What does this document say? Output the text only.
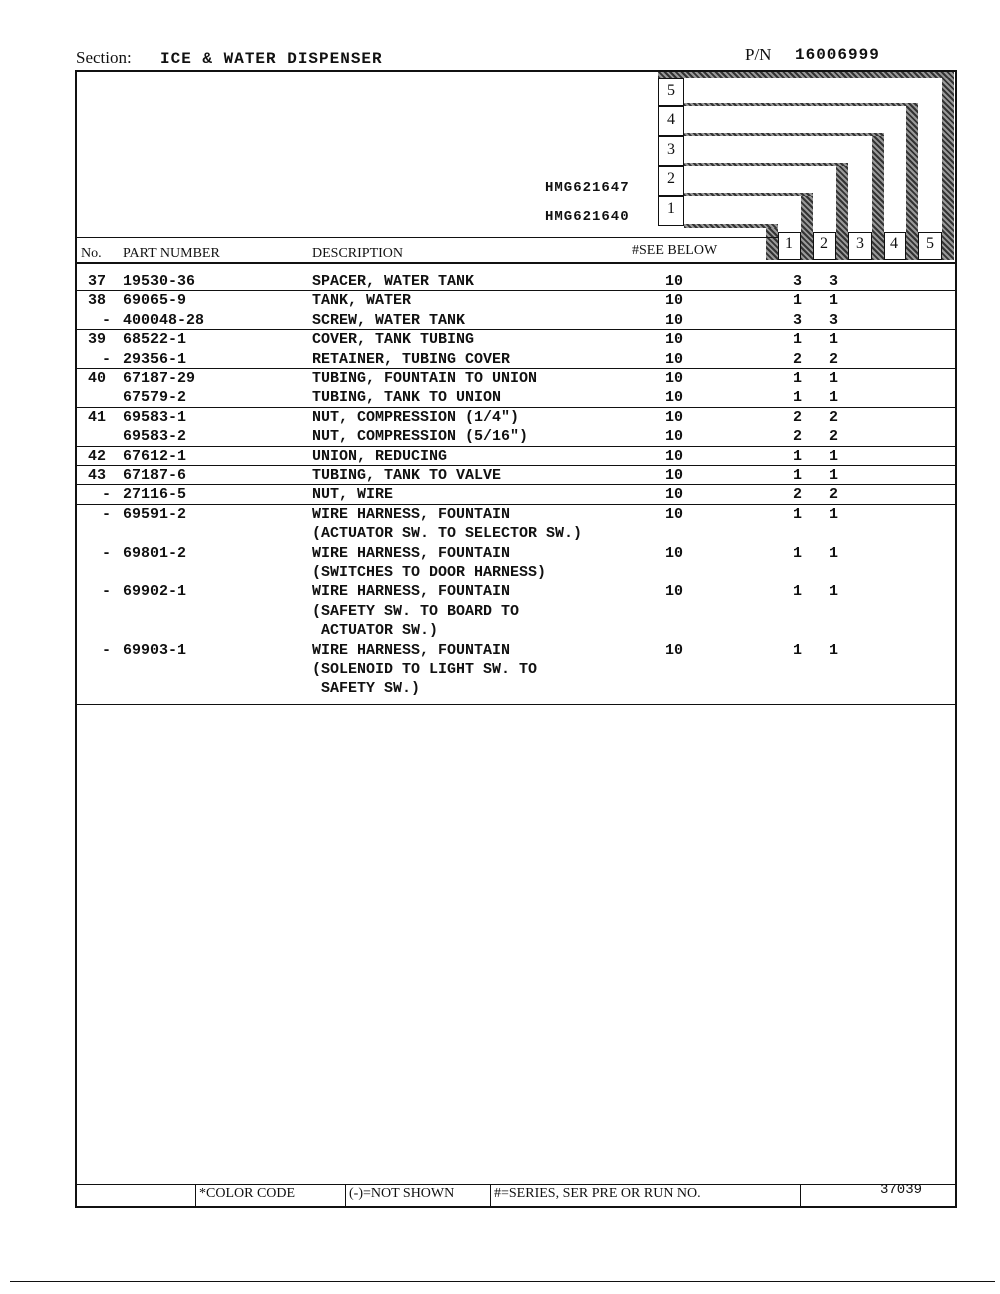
Section: ICE & WATER DISPENSER	P/N 16006999
5
4
3
2
1
1 2 3 4 5
HMG621647
HMG621640
No. PART NUMBER	DESCRIPTION	#SEE BELOW
37 19530-36	SPACER, WATER TANK	10	3 3
38 69065-9	TANK, WATER	10	1 1
- 400048-28	SCREW, WATER TANK	10	3 3
39 68522-1	COVER, TANK TUBING	10	1 1
- 29356-1	RETAINER, TUBING COVER	10	2 2
40 67187-29	TUBING, FOUNTAIN TO UNION	10	1 1
67579-2	TUBING, TANK TO UNION	10	1 1
41 69583-1	NUT, COMPRESSION (1/4")	10	2 2
69583-2	NUT, COMPRESSION (5/16")	10	2 2
42 67612-1	UNION, REDUCING	10	1 1
43 67187-6	TUBING, TANK TO VALVE	10	1 1
- 27116-5	NUT, WIRE	10	2 2
- 69591-2	WIRE HARNESS, FOUNTAIN
(ACTUATOR SW. TO SELECTOR SW.)
10	1 1
- 69801-2	WIRE HARNESS, FOUNTAIN
(SWITCHES TO DOOR HARNESS)
10	1 1
- 69902-1	WIRE HARNESS, FOUNTAIN
(SAFETY SW. TO BOARD TO
ACTUATOR SW.)
10	1 1
- 69903-1	WIRE HARNESS, FOUNTAIN
(SOLENOID TO LIGHT SW. TO
SAFETY SW.)
10	1 1
*COLOR CODE	(-)=NOT SHOWN	#=SERIES, SER PRE OR RUN NO.	37039
